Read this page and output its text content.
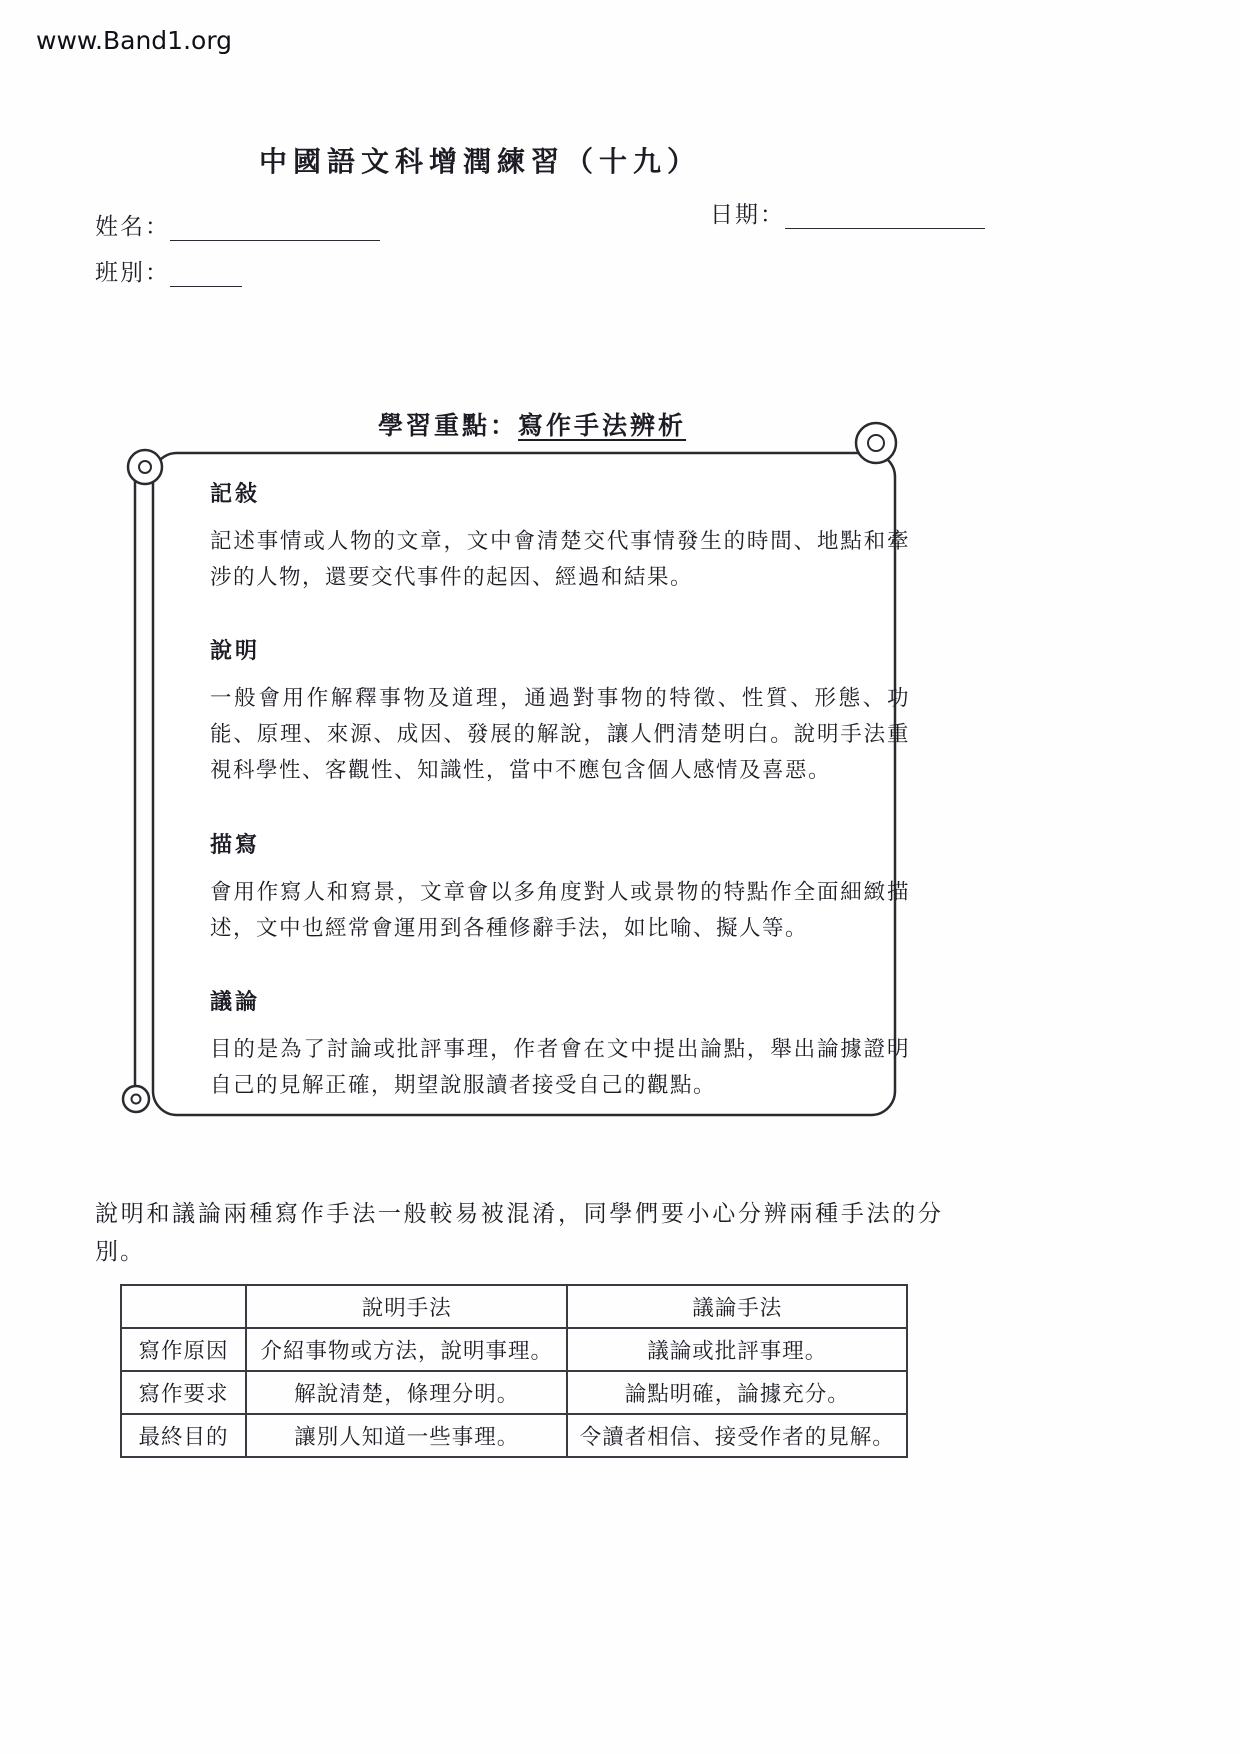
www.Band1.org
中國語文科增潤練習（十九）
姓名：	日期：
班別：
學習重點：寫作手法辨析
記敍

記述事情或人物的文章，文中會清楚交代事情發生的時間、地點和牽涉的人物，還要交代事件的起因、經過和結果。

說明

一般會用作解釋事物及道理，通過對事物的特徵、性質、形態、功能、原理、來源、成因、發展的解說，讓人們清楚明白。說明手法重視科學性、客觀性、知識性，當中不應包含個人感情及喜惡。

描寫

會用作寫人和寫景，文章會以多角度對人或景物的特點作全面細緻描述，文中也經常會運用到各種修辭手法，如比喻、擬人等。

議論

目的是為了討論或批評事理，作者會在文中提出論點，舉出論據證明自己的見解正確，期望說服讀者接受自己的觀點。

說明和議論兩種寫作手法一般較易被混淆，同學們要小心分辨兩種手法的分別。

	說明手法	議論手法
寫作原因	介紹事物或方法，說明事理。	議論或批評事理。
寫作要求	解說清楚，條理分明。	論點明確，論據充分。
最終目的	讓別人知道一些事理。	令讀者相信、接受作者的見解。
